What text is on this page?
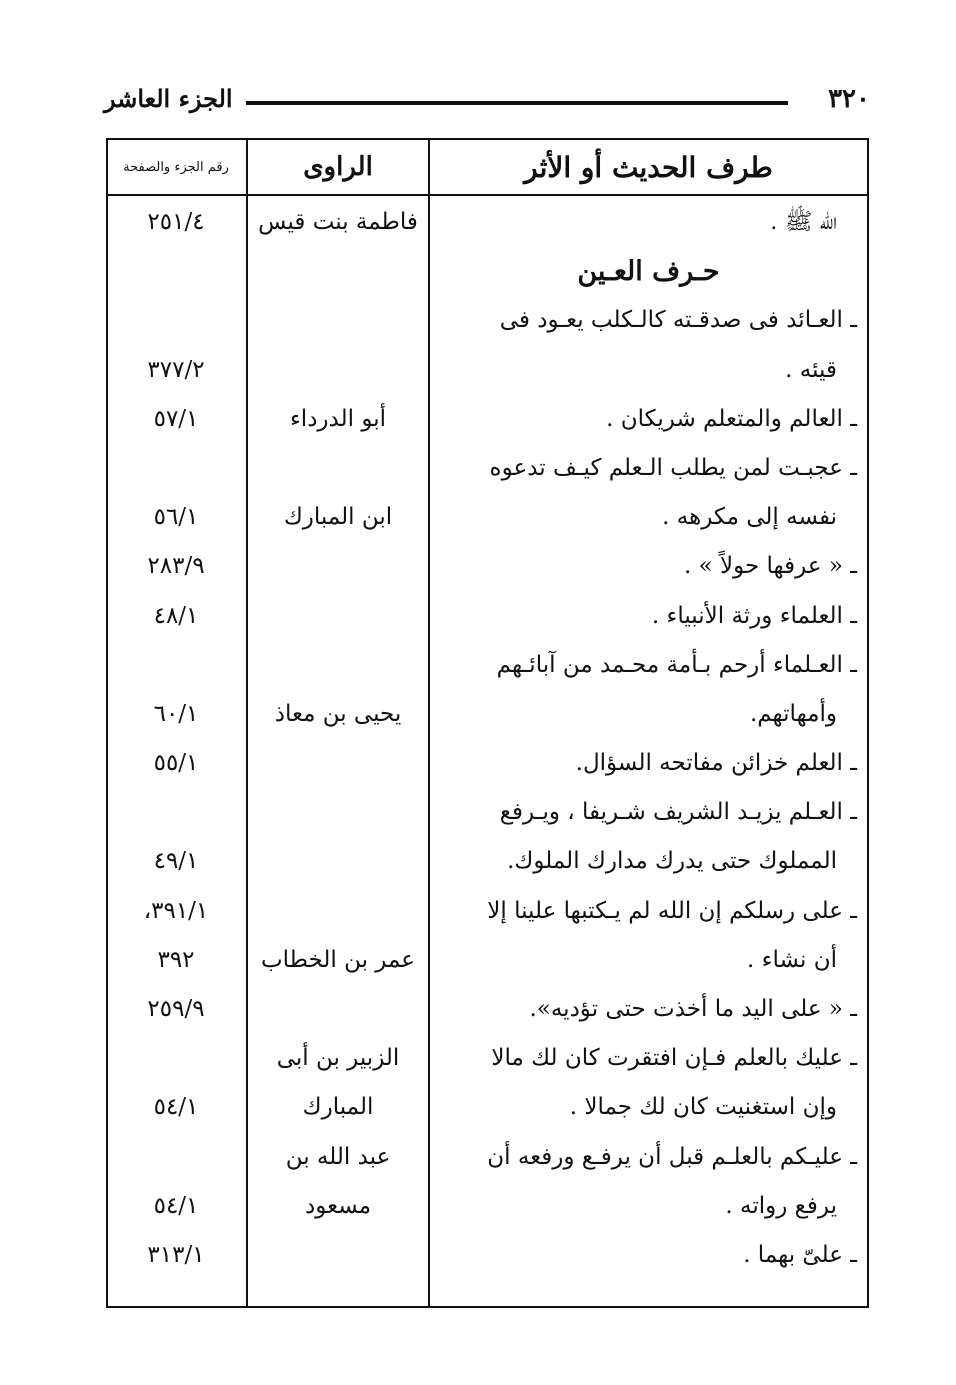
٣٢٠
الجزء العاشر
طرف الحديث أو الأثر
الراوى
رقم الجزء والصفحة
الله ﷺ .
فاطمة بنت قيس
٢٥١/٤
حـرف العـين
ـ العـائد فى صدقـته كالـكلب يعـود فى
قيئه .
٣٧٧/٢
ـ العالم والمتعلم شريكان .
أبو الدرداء
٥٧/١
ـ عجبـت لمن يطلب الـعلم كيـف تدعوه
نفسه إلى مكرهه .
ابن المبارك
٥٦/١
ـ « عرفها حولاً » .
٢٨٣/٩
ـ العلماء ورثة الأنبياء .
٤٨/١
ـ العـلماء أرحم بـأمة محـمد من آبائـهم
وأمهاتهم.
يحيى بن معاذ
٦٠/١
ـ العلم خزائن مفاتحه السؤال.
٥٥/١
ـ العـلم يزيـد الشريف شـريفا ، ويـرفع
المملوك حتى يدرك مدارك الملوك.
٤٩/١
ـ على رسلكم إن الله لم يـكتبها علينا إلا
٣٩١/١،
أن نشاء .
عمر بن الخطاب
٣٩٢
ـ « على اليد ما أخذت حتى تؤديه».
٢٥٩/٩
ـ عليك بالعلم فـإن افتقرت كان لك مالا
الزبير بن أبى
وإن استغنيت كان لك جمالا .
المبارك
٥٤/١
ـ عليـكم بالعلـم قبل أن يرفـع ورفعه أن
عبد الله بن
يرفع رواته .
مسعود
٥٤/١
ـ علىّ بهما .
٣١٣/١
